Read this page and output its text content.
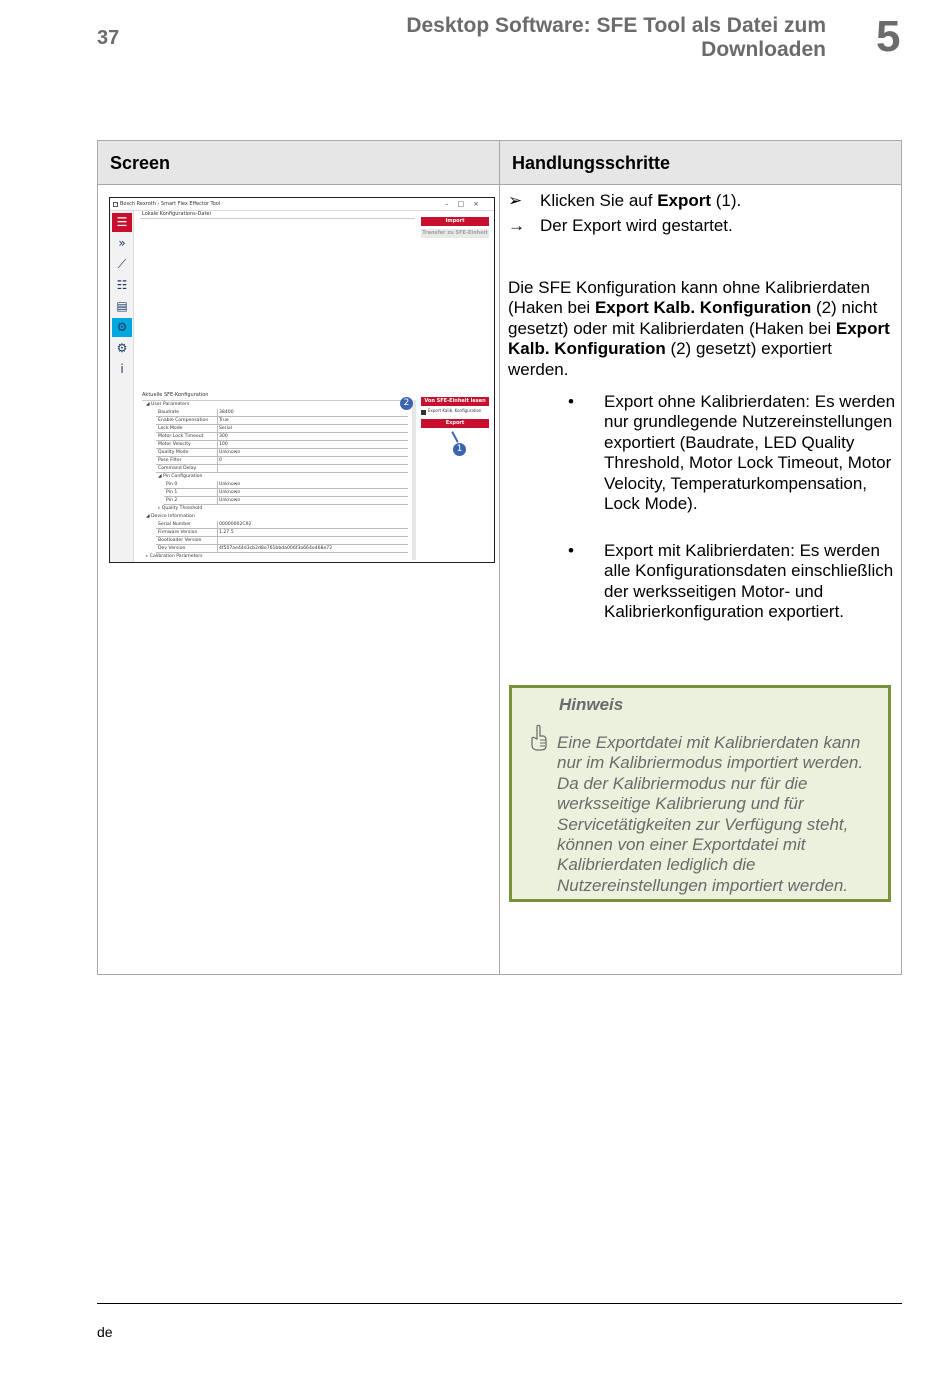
37
Desktop Software: SFE Tool als Datei zum Downloaden 5
Screen	Handlungsschritte
Bosch Rexroth - Smart Flex Effector Tool	–□×
☰
»
⟋
☷
▤
⚙
⚙
i
Lokale Konfigurations-Datei
Import
Transfer zu SFE-Einheit
Aktuelle SFE-Konfiguration
◢ User Parameters
Baudrate	38400
Enable Compensation True
Lock Mode	Serial
Motor Lock Timeout	300
Motor Velocity	100
Quality Mode	Unknown
Pose Filter	0
Command Delay
◢ Pin Configuration
Pin 0	Unknown
Pin 1	Unknown
Pin 2	Unknown
▹ Quality Threshold
◢ Device Information
Serial Number	00000002C92
Firmware Version	1.27.5
Bootloader Version
Dev Version	4f507ae44d3cb2d8e761bbda006f3a664e468e72
▹ Calibration Parameters
Von SFE-Einheit lesen
Export Kalib. Konfiguration
Export
2
1
➢	Klicken Sie auf Export (1).
→ Der Export wird gestartet.
Die SFE Konfiguration kann ohne Kalibrierdaten (Haken bei Export Kalb. Konfiguration (2) nicht gesetzt) oder mit Kalibrierdaten (Haken bei Export Kalb. Konfiguration (2) gesetzt) exportiert werden.
• Export ohne Kalibrierdaten: Es werden nur grundlegende Nutzereinstellungen exportiert (Baudrate, LED Quality Threshold, Motor Lock Timeout, Motor Velocity, Temperaturkompensation, Lock Mode).
• Export mit Kalibrierdaten: Es werden alle Konfigurationsdaten einschließlich der werksseitigen Motor- und Kalibrierkonfiguration exportiert.
Hinweis
Eine Exportdatei mit Kalibrierdaten kann nur im Kalibriermodus importiert werden. Da der Kalibriermodus nur für die werksseitige Kalibrierung und für Servicetätigkeiten zur Verfügung steht, können von einer Exportdatei mit Kalibrierdaten lediglich die Nutzereinstellungen importiert werden.
de
